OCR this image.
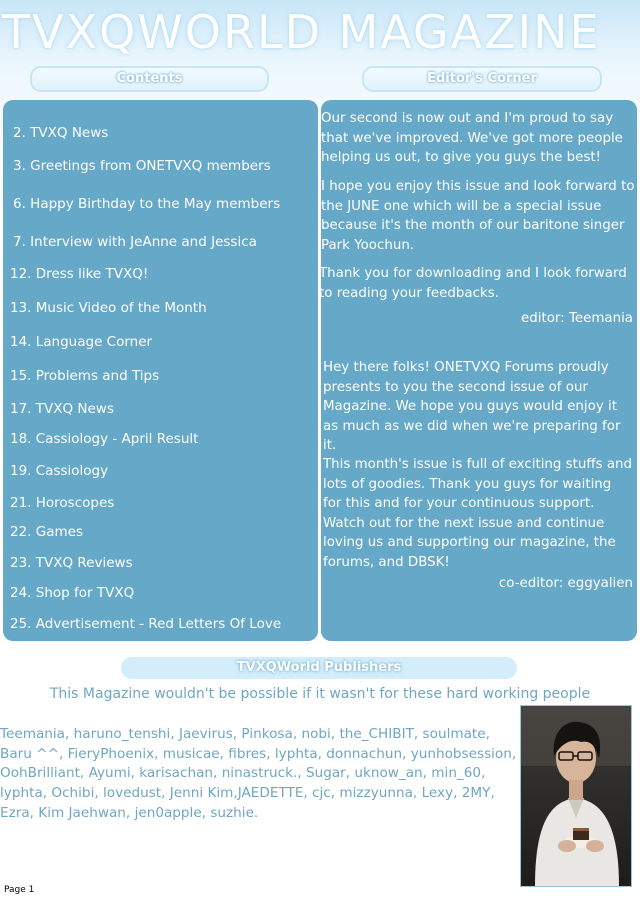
TVXQWORLD MAGAZINE
Contents	Editor's Corner
2. TVXQ News
3. Greetings from ONETVXQ members
6. Happy Birthday to the May members
7. Interview with JeAnne and Jessica
12. Dress like TVXQ!
13. Music Video of the Month
14. Language Corner
15. Problems and Tips
17. TVXQ News
18. Cassiology - April Result
19. Cassiology
21. Horoscopes
22. Games
23. TVXQ Reviews
24. Shop for TVXQ
25. Advertisement - Red Letters Of Love
Our second is now out and I'm proud to say that we've improved. We've got more people helping us out, to give you guys the best!
I hope you enjoy this issue and look forward to the JUNE one which will be a special issue because it's the month of our baritone singer Park Yoochun.
Thank you for downloading and I look forward to reading your feedbacks.
editor: Teemania
Hey there folks! ONETVXQ Forums proudly presents to you the second issue of our Magazine. We hope you guys would enjoy it as much as we did when we're preparing for it.
This month's issue is full of exciting stuffs and lots of goodies. Thank you guys for waiting for this and for your continuous support. Watch out for the next issue and continue loving us and supporting our magazine, the forums, and DBSK!
co-editor: eggyalien
TVXQWorld Publishers
This Magazine wouldn't be possible if it wasn't for these hard working people
Teemania, haruno_tenshi, Jaevirus, Pinkosa, nobi, the_CHIBIT, soulmate, Baru ^^, FieryPhoenix, musicae, fibres, lyphta, donnachun, yunhobsession, OohBrilliant, Ayumi, karisachan, ninastruck., Sugar, uknow_an, min_60, lyphta, Ochibi, lovedust, Jenni Kim,JAEDETTE, cjc, mizzyunna, Lexy, 2MY, Ezra, Kim Jaehwan, jen0apple, suzhie.
Page 1
